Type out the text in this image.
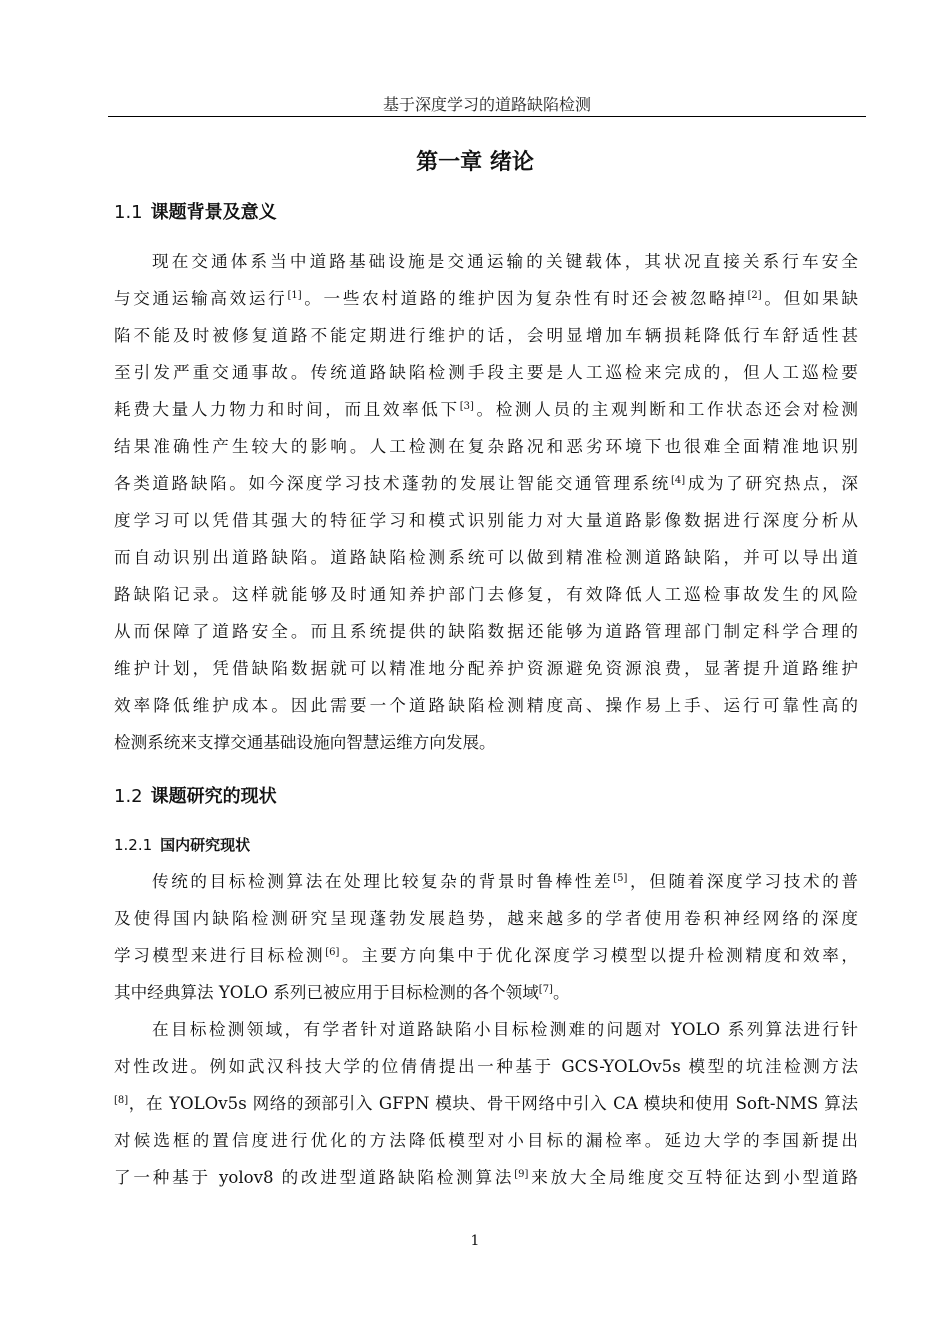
基于深度学习的道路缺陷检测
第一章 绪论
1.1 课题背景及意义
现在交通体系当中道路基础设施是交通运输的关键载体，其状况直接关系行车安全
与交通运输高效运行[1]。一些农村道路的维护因为复杂性有时还会被忽略掉[2]。但如果缺
陷不能及时被修复道路不能定期进行维护的话，会明显增加车辆损耗降低行车舒适性甚
至引发严重交通事故。传统道路缺陷检测手段主要是人工巡检来完成的，但人工巡检要
耗费大量人力物力和时间，而且效率低下[3]。检测人员的主观判断和工作状态还会对检测
结果准确性产生较大的影响。人工检测在复杂路况和恶劣环境下也很难全面精准地识别
各类道路缺陷。如今深度学习技术蓬勃的发展让智能交通管理系统[4]成为了研究热点，深
度学习可以凭借其强大的特征学习和模式识别能力对大量道路影像数据进行深度分析从
而自动识别出道路缺陷。道路缺陷检测系统可以做到精准检测道路缺陷，并可以导出道
路缺陷记录。这样就能够及时通知养护部门去修复，有效降低人工巡检事故发生的风险
从而保障了道路安全。而且系统提供的缺陷数据还能够为道路管理部门制定科学合理的
维护计划，凭借缺陷数据就可以精准地分配养护资源避免资源浪费，显著提升道路维护
效率降低维护成本。因此需要一个道路缺陷检测精度高、操作易上手、运行可靠性高的
检测系统来支撑交通基础设施向智慧运维方向发展。
1.2 课题研究的现状
1.2.1 国内研究现状
传统的目标检测算法在处理比较复杂的背景时鲁棒性差[5]，但随着深度学习技术的普
及使得国内缺陷检测研究呈现蓬勃发展趋势，越来越多的学者使用卷积神经网络的深度
学习模型来进行目标检测[6]。主要方向集中于优化深度学习模型以提升检测精度和效率，
其中经典算法 YOLO 系列已被应用于目标检测的各个领域[7]。
在目标检测领域，有学者针对道路缺陷小目标检测难的问题对 YOLO 系列算法进行针
对性改进。例如武汉科技大学的位倩倩提出一种基于 GCS-YOLOv5s 模型的坑洼检测方法
[8]，在 YOLOv5s 网络的颈部引入 GFPN 模块、骨干网络中引入 CA 模块和使用 Soft-NMS 算法
对候选框的置信度进行优化的方法降低模型对小目标的漏检率。延边大学的李国新提出
了一种基于 yolov8 的改进型道路缺陷检测算法[9]来放大全局维度交互特征达到小型道路
1
